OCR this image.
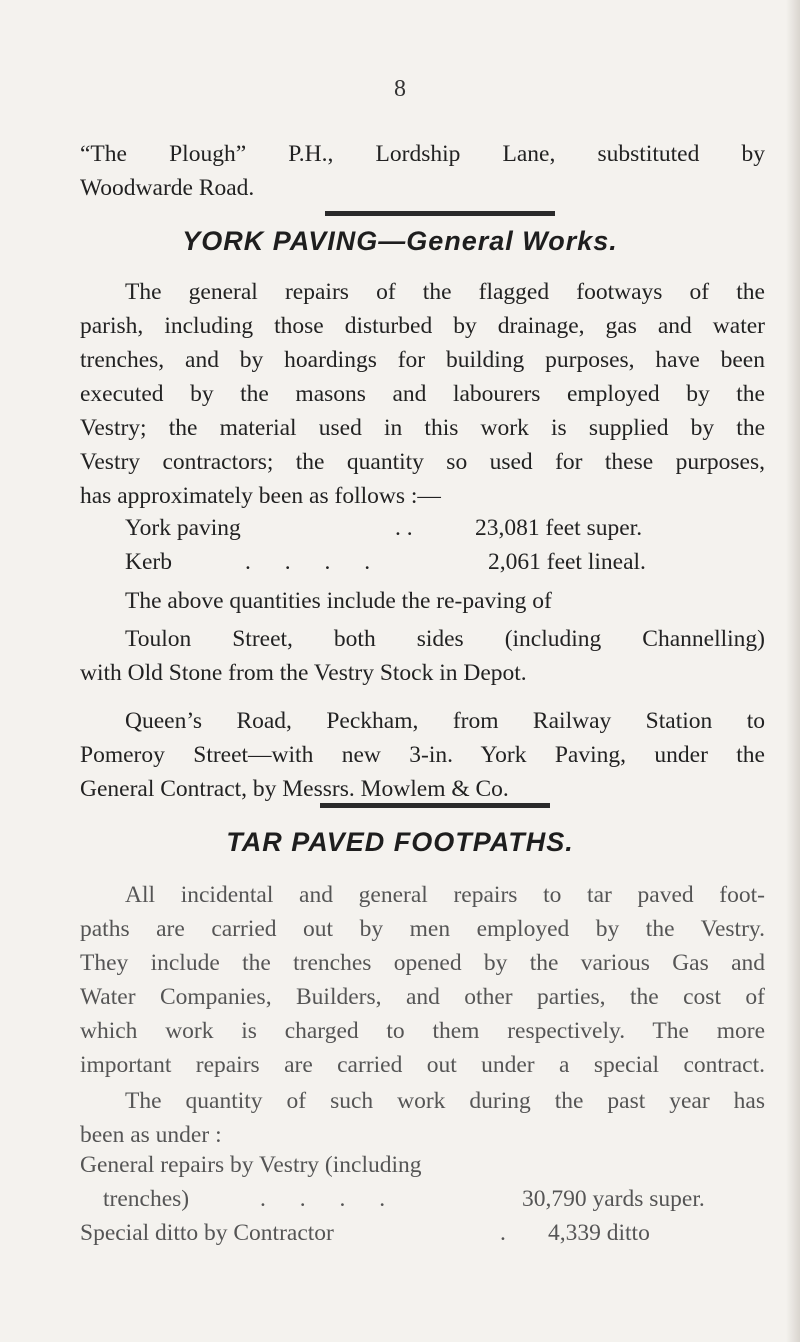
8
“The Plough” P.H., Lordship Lane, substituted by
Woodwarde Road.
YORK PAVING—General Works.
The general repairs of the flagged footways of the
parish, including those disturbed by drainage, gas and water
trenches, and by hoardings for building purposes, have been
executed by the masons and labourers employed by the
Vestry; the material used in this work is supplied by the
Vestry contractors; the quantity so used for these purposes,
has approximately been as follows :—
York paving	. .	23,081 feet super.
Kerb	. . . .	2,061 feet lineal.
The above quantities include the re-paving of
Toulon Street, both sides (including Channelling)
with Old Stone from the Vestry Stock in Depot.
Queen’s Road, Peckham, from Railway Station to
Pomeroy Street—with new 3-in. York Paving, under the
General Contract, by Messrs. Mowlem & Co.
TAR PAVED FOOTPATHS.
All incidental and general repairs to tar paved foot-
paths are carried out by men employed by the Vestry.
They include the trenches opened by the various Gas and
Water Companies, Builders, and other parties, the cost of
which work is charged to them respectively. The more
important repairs are carried out under a special contract.
The quantity of such work during the past year has
been as under :
General repairs by Vestry (including
trenches)	. . . .	30,790 yards super.
Special ditto by Contractor	. 4,339 ditto
